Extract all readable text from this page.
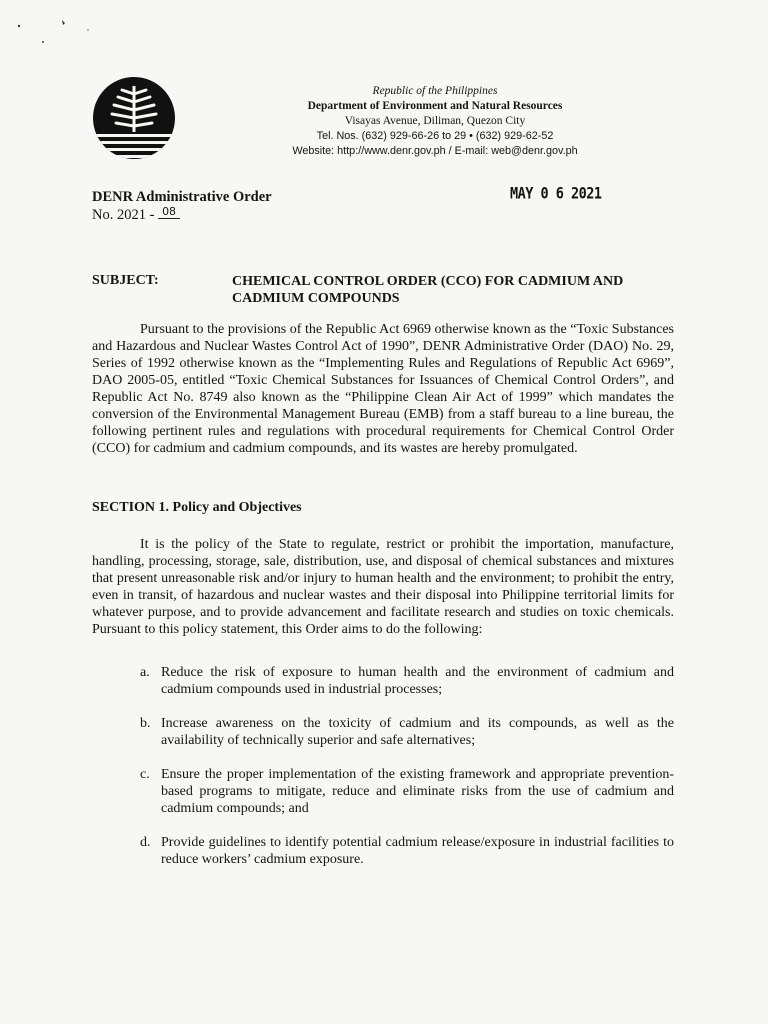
Republic of the Philippines
Department of Environment and Natural Resources
Visayas Avenue, Diliman, Quezon City
Tel. Nos. (632) 929-66-26 to 29 • (632) 929-62-52
Website: http://www.denr.gov.ph / E-mail: web@denr.gov.ph
DENR Administrative Order
No. 2021 - 08
MAY 0 6 2021
SUBJECT:	CHEMICAL CONTROL ORDER (CCO) FOR CADMIUM AND CADMIUM COMPOUNDS
Pursuant to the provisions of the Republic Act 6969 otherwise known as the “Toxic Substances and Hazardous and Nuclear Wastes Control Act of 1990”, DENR Administrative Order (DAO) No. 29, Series of 1992 otherwise known as the “Implementing Rules and Regulations of Republic Act 6969”, DAO 2005-05, entitled “Toxic Chemical Substances for Issuances of Chemical Control Orders”, and Republic Act No. 8749 also known as the “Philippine Clean Air Act of 1999” which mandates the conversion of the Environmental Management Bureau (EMB) from a staff bureau to a line bureau, the following pertinent rules and regulations with procedural requirements for Chemical Control Order (CCO) for cadmium and cadmium compounds, and its wastes are hereby promulgated.
SECTION 1. Policy and Objectives
It is the policy of the State to regulate, restrict or prohibit the importation, manufacture, handling, processing, storage, sale, distribution, use, and disposal of chemical substances and mixtures that present unreasonable risk and/or injury to human health and the environment; to prohibit the entry, even in transit, of hazardous and nuclear wastes and their disposal into Philippine territorial limits for whatever purpose, and to provide advancement and facilitate research and studies on toxic chemicals. Pursuant to this policy statement, this Order aims to do the following:
a. Reduce the risk of exposure to human health and the environment of cadmium and cadmium compounds used in industrial processes;
b. Increase awareness on the toxicity of cadmium and its compounds, as well as the availability of technically superior and safe alternatives;
c. Ensure the proper implementation of the existing framework and appropriate prevention-based programs to mitigate, reduce and eliminate risks from the use of cadmium and cadmium compounds; and
d. Provide guidelines to identify potential cadmium release/exposure in industrial facilities to reduce workers’ cadmium exposure.
